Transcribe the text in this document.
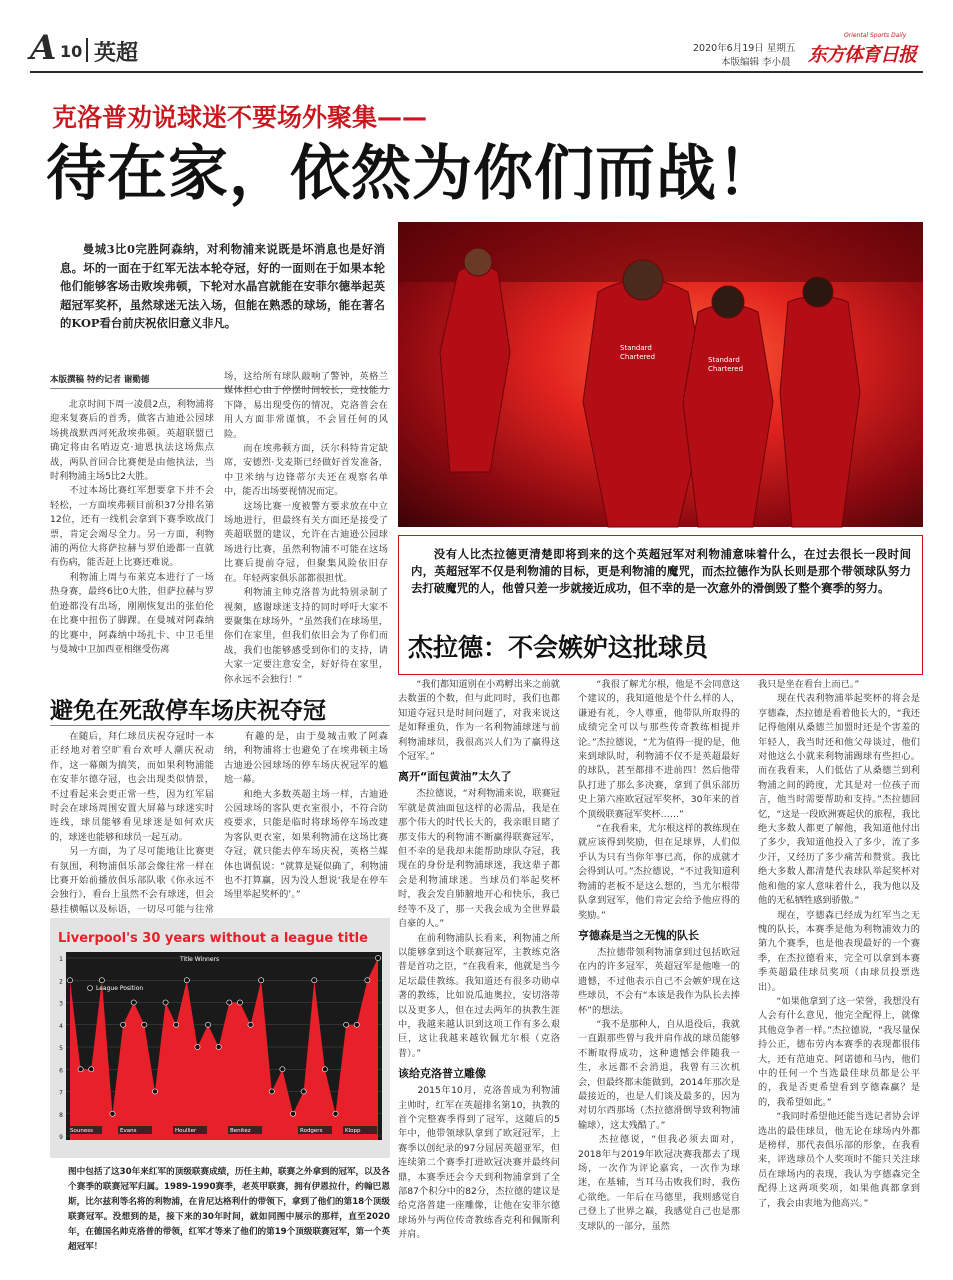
A 10 英超	2020年6月19日 星期五
本版编辑 李小晨
Oriental Sports Daily
东方体育日报
克洛普劝说球迷不要场外聚集——
待在家，依然为你们而战！
曼城3比0完胜阿森纳，对利物浦来说既是坏消息也是好消息。坏的一面在于红军无法本轮夺冠，好的一面则在于如果本轮他们能够客场击败埃弗顿，下轮对水晶宫就能在安菲尔德举起英超冠军奖杯，虽然球迷无法入场，但能在熟悉的球场，能在著名的KOP看台前庆祝依旧意义非凡。
Standard
Chartered	Standard
Chartered
本版撰稿 特约记者 谢勤德
　　北京时间下周一凌晨2点，利物浦将迎来复赛后的首秀，做客古迪逊公园球场挑战默西河死敌埃弗顿。英超联盟已确定将由名哨迈克·迪恩执法这场焦点战，两队首回合比赛便是由他执法，当时利物浦主场5比2大胜。
　　不过本场比赛红军想要拿下并不会轻松，一方面埃弗顿目前积37分排名第12位，还有一线机会拿到下赛季欧战门票，肯定会竭尽全力。另一方面，利物浦的两位大将萨拉赫与罗伯逊都一直就有伤病，能否赶上比赛还难说。
　　利物浦上周与布莱克本进行了一场热身赛，最终6比0大胜，但萨拉赫与罗伯逊都没有出场，刚刚恢复出的张伯伦在比赛中扭伤了脚踝。在曼城对阿森纳的比赛中，阿森纳中场扎卡、中卫毛里与曼城中卫加西亚相继受伤离
场，这给所有球队敲响了警钟，英格兰媒体担心由于停摆时间较长，竞技能力下降，易出现受伤的情况，克洛普会在用人方面非常谨慎，不会冒任何的风险。
　　而在埃弗顿方面，沃尔科特肯定缺席，安德烈·戈麦斯已经做好首发准备，中卫米纳与边锋蒂尔夫还在观察名单中，能否出场要视情况而定。
　　这场比赛一度被警方要求放在中立场地进行，但最终有关方面还是接受了英超联盟的建议，允许在古迪逊公园球场进行比赛，虽然利物浦不可能在这场比赛后提前夺冠，但聚集风险依旧存在。年轻两家俱乐部都很担忧。
　　利物浦主帅克洛普为此特别录制了视频，感谢球迷支持的同时呼吁大家不要聚集在球场外，“虽然我们在球场里，你们在家里，但我们依旧会为了你们而战，我们也能够感受到你们的支持，请大家一定要注意安全，好好待在家里，你永远不会独行！”
避免在死敌停车场庆祝夺冠
　　在随后，拜仁球员庆祝夺冠时一本正经地对着空旷看台欢呼人潮庆祝动作，这一幕颇为搞笑，而如果利物浦能在安菲尔德夺冠，也会出现类似情景，不过看起来会更正常一些，因为红军届时会在球场周围安置大屏幕与球迷实时连线，球员能够看见球迷是如何欢庆的，球迷也能够和球员一起互动。
　　另一方面，为了尽可能地让比赛更有氛围，利物浦俱乐部会像往常一样在比赛开始前播放俱乐部队歌《你永远不会独行》，看台上虽然不会有球迷，但会悬挂横幅以及标语，一切尽可能与往常
　　有趣的是，由于曼城击败了阿森纳，利物浦将士也避免了在埃弗顿主场古迪逊公园球场的停车场庆祝冠军的尴尬一幕。
　　和绝大多数英超主场一样，古迪逊公园球场的客队更衣室很小，不符合防疫要求，只能是临时将球场停车场改建为客队更衣室，如果利物浦在这场比赛夺冠，就只能去停车场庆祝，英格兰媒体也调侃说：“就算是疑似确了，利物浦也不打算赢，因为没人想说‘我是在停车场里举起奖杯的’。”
Liverpool's 30 years without a league title
1
2
3
4
5
6
7
8
9
Title Winners
League Position
Souness	Evans	Houllier	Benitez	Rodgers	Klopp
图中包括了这30年来红军的顶级联赛成绩，历任主帅，联赛之外拿到的冠军，以及各个赛季的联赛冠军归属。1989-1990赛季，老英甲联赛，拥有伊恩拉什，约翰巴恩斯，比尔兹利等名将的利物浦，在肯尼达格利什的带领下，拿到了他们的第18个顶级联赛冠军。没想到的是，接下来的30年时间，就如同图中展示的那样，直至2020年，在德国名帅克洛普的带领，红军才等来了他们的第19个顶级联赛冠军，第一个英超冠军！
没有人比杰拉德更清楚即将到来的这个英超冠军对利物浦意味着什么，在过去很长一段时间内，英超冠军不仅是利物浦的目标，更是利物浦的魔咒，而杰拉德作为队长则是那个带领球队努力去打破魔咒的人，他曾只差一步就接近成功，但不幸的是一次意外的滑倒毁了整个赛季的努力。
杰拉德：不会嫉妒这批球员
　　“我们都知道别在小鸡孵出来之前就去数蛋的个数，但与此同时，我们也都知道夺冠只是时间问题了，对我来说这是如释重负，作为一名利物浦球迷与前利物浦球员，我很高兴人们为了赢得这个冠军。”
离开“面包黄油”太久了
　　杰拉德说，“对利物浦来说，联赛冠军就是黄油面包这样的必需品，我是在那个伟大的时代长大的，我亲眼目睹了那支伟大的利物浦不断赢得联赛冠军，但不幸的是我却未能帮助球队夺冠，我现在的身份是利物浦球迷，我这辈子都会是利物浦球迷。当球员们举起奖杯时，我会发自肺腑地开心和快乐，我已经等不及了，那一天我会成为全世界最自豪的人。”
　　在前利物浦队长看来，利物浦之所以能够拿到这个联赛冠军，主教练克洛普是首功之臣，“在我看来，他就是当今足坛最佳教练。我知道还有很多功勋卓著的教练，比如说瓜迪奥拉，安切洛蒂以及更多人，但在过去两年的执教生涯中，我越来越认识到这项工作有多么艰巨，这让我越来越钦佩尤尔根（克洛普）。”
该给克洛普立雕像
　　2015年10月，克洛普成为利物浦主帅时，红军在英超排名第10，执教的首个完整赛季得到了冠军，这随后的5年中，他带领球队拿到了欧冠冠军，上赛季以创纪录的97分屈居英超亚军，但连续第二个赛季打进欧冠决赛并最终问鼎，本赛季还会今天到利物浦拿到了全部87个积分中的82分，杰拉德的建议是给克洛普建一座雕像，让他在安菲尔德球场外与两位传奇教练香克利和佩斯利并肩。
　　“我很了解尤尔根，他是不会同意这个建议的，我知道他是个什么样的人，谦逊有礼，令人尊重，他带队所取得的成绩完全可以与那些传奇教练相提并论。”杰拉德说，“尤为值得一提的是，他来到球队时，利物浦不仅不是英超最好的球队，甚至都排不进前四！然后他带队打进了那么多决赛，拿到了俱乐部历史上第六座欧冠冠军奖杯，30年来的首个顶级联赛冠军奖杯……”
　　“在我看来，尤尔根这样的教练现在就应该得到奖励，但在足球界，人们似乎认为只有当你年事已高，你的成就才会得到认可。”杰拉德说，“不过我知道利物浦的老板不是这么想的，当尤尔根带队拿到冠军，他们肯定会给予他应得的奖励。”
亨德森是当之无愧的队长
　　杰拉德带领利物浦拿到过包括欧冠在内的许多冠军，英超冠军是他唯一的遗憾，不过他表示自己不会嫉妒现在这些球员，不会有“本该是我作为队长去捧杯”的想法。
　　“我不是那种人，自从退役后，我就一直跟那些曾与我并肩作战的球员能够不断取得成功，这种遗憾会伴随我一生，永远都不会消退，我曾有三次机会，但最终都未能做到，2014年那次是最接近的，也是人们谈及最多的，因为对切尔西那场（杰拉德滑倒导致利物浦输球），这太残酷了。”
　　杰拉德说，“但我必须去面对，2018年与2019年欧冠决赛我都去了现场，一次作为评论嘉宾，一次作为球迷，在基辅，当耳马击败我们时，我伤心欲绝。一年后在马德里，我则感觉自己登上了世界之巅，我感觉自己也是那支球队的一部分，虽然
我只是坐在看台上而已。”
　　现在代表利物浦举起奖杯的将会是亨德森，杰拉德是看着他长大的，“我还记得他刚从桑德兰加盟时还是个害羞的年轻人，我当时还和他父母谈过，他们对他这么小就来利物浦踢球有些担心。而在我看来，人们低估了从桑德兰到利物浦之间的跨度，尤其是对一位孩子而言，他当时需要帮助和支持。”杰拉德回忆，“这是一段欧洲赛起伏的旅程，我比绝大多数人都更了解他，我知道他付出了多少，我知道他投入了多少，流了多少汗，又经历了多少痛苦和赞赏。我比绝大多数人都清楚代表球队举起奖杯对他和他的家人意味着什么，我为他以及他的无私牺牲感到骄傲。”
　　现在，亨德森已经成为红军当之无愧的队长，本赛季是他为利物浦效力的第九个赛季，也是他表现最好的一个赛季，在杰拉德看来，完全可以拿到本赛季英超最佳球员奖项（由球员投票选出）。
　　“如果他拿到了这一荣誉，我想没有人会有什么意见，他完全配得上，就像其他竞争者一样。”杰拉德说，“我尽量保持公正，德布劳内本赛季的表现都很伟大，还有范迪克、阿诺德和马内，他们中的任何一个当选最佳球员都是公平的，我是否更希望看到亨德森赢？是的，我希望如此。”
　　“我同时希望他还能当选记者协会评选出的最佳球员，他无论在球场内外都是榜样，那代表俱乐部的形象，在我看来，评选球员个人奖项时不能只关注球员在球场内的表现，我认为亨德森完全配得上这两项奖项，如果他真都拿到了，我会由衷地为他高兴。”
